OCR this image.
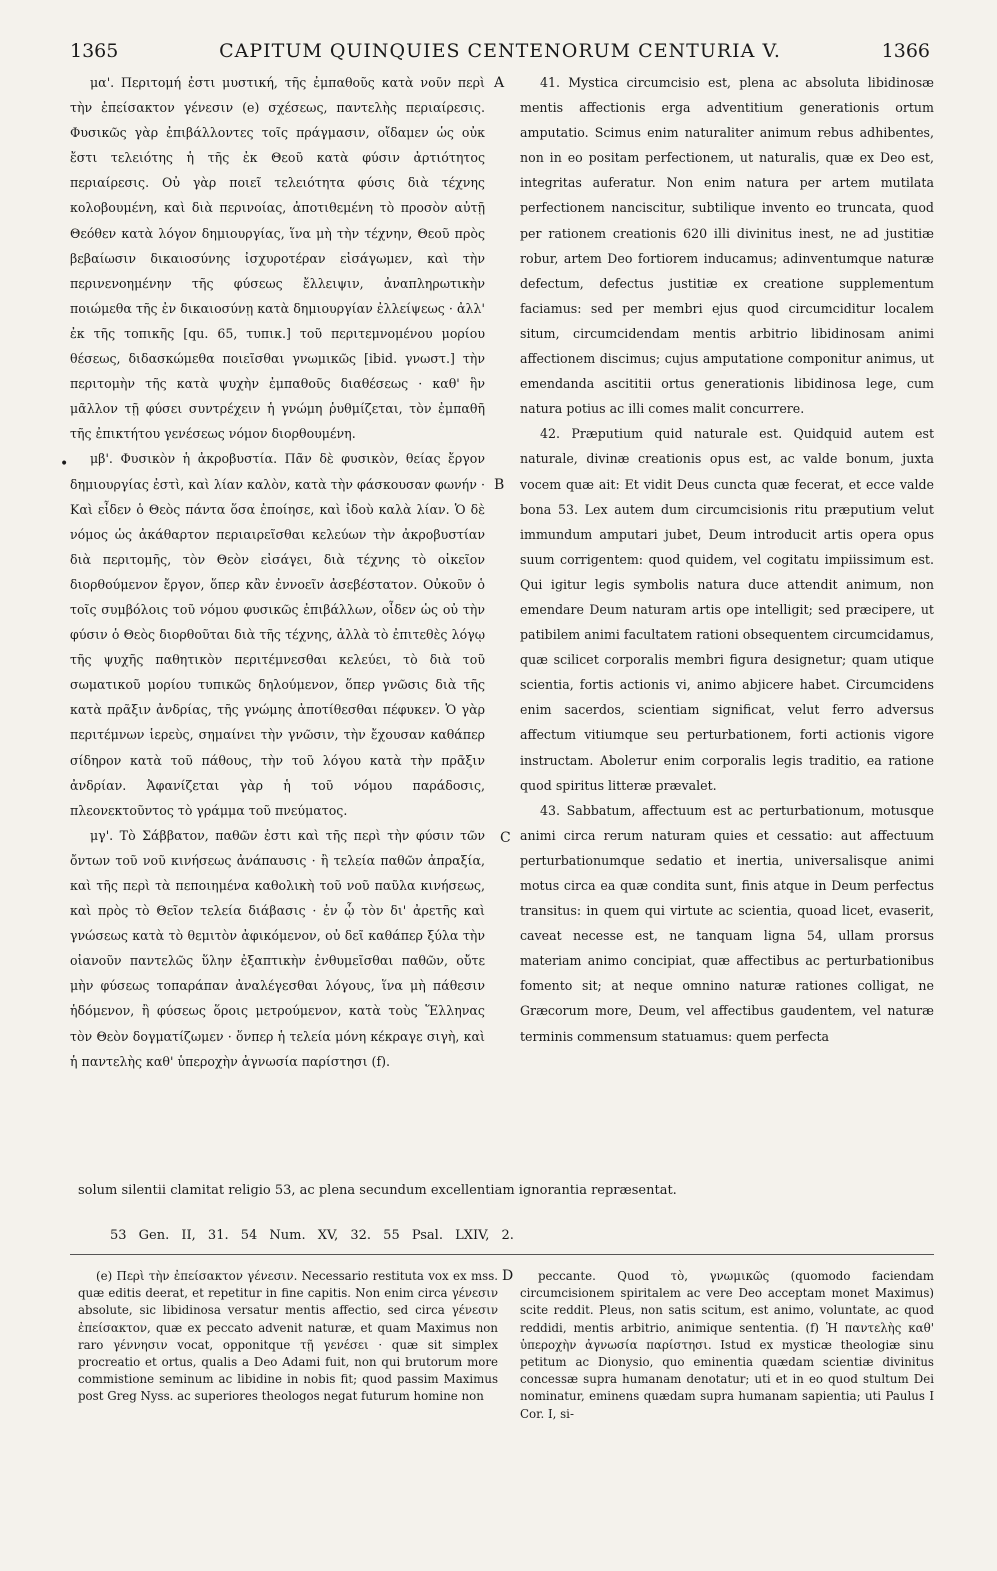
1365	CAPITUM QUINQUIES CENTENORUM CENTURIA V.	1366

μα'. Περιτομή ἐστι μυστική, τῆς ἐμπαθοῦς κατὰ νοῦν περὶ τὴν ἐπείσακτον γένεσιν (e) σχέσεως, παντελὴς περιαίρεσις. Φυσικῶς γὰρ ἐπιβάλλοντες τοῖς πράγμασιν, οἴδαμεν ὡς οὐκ ἔστι τελειότης ἡ τῆς ἐκ Θεοῦ κατὰ φύσιν ἀρτιότητος περιαίρεσις. Οὐ γὰρ ποιεῖ τελειότητα φύσις διὰ τέχνης κολοβουμένη, καὶ διὰ περινοίας, ἀποτιθεμένη τὸ προσὸν αὐτῇ Θεόθεν κατὰ λόγον δημιουργίας, ἵνα μὴ τὴν τέχνην, Θεοῦ πρὸς βεβαίωσιν δικαιοσύνης ἰσχυροτέραν εἰσάγωμεν, καὶ τὴν περινενοημένην τῆς φύσεως ἔλλειψιν, ἀναπληρωτικὴν ποιώμεθα τῆς ἐν δικαιοσύνῃ κατὰ δημιουργίαν ἐλλείψεως · ἀλλ' ἐκ τῆς τοπικῆς [qu. 65, τυπικ.] τοῦ περιτεμνομένου μορίου θέσεως, διδασκώμεθα ποιεῖσθαι γνωμικῶς [ibid. γνωστ.] τὴν περιτομὴν τῆς κατὰ ψυχὴν ἐμπαθοῦς διαθέσεως · καθ' ἣν μᾶλλον τῇ φύσει συντρέχειν ἡ γνώμη ῥυθμίζεται, τὸν ἐμπαθῆ τῆς ἐπικτήτου γενέσεως νόμον διορθουμένη.

μβ'. Φυσικὸν ἡ ἀκροβυστία. Πᾶν δὲ φυσικὸν, θείας ἔργον δημιουργίας ἐστὶ, καὶ λίαν καλὸν, κατὰ τὴν φάσκουσαν φωνήν · Καὶ εἶδεν ὁ Θεὸς πάντα ὅσα ἐποίησε, καὶ ἰδοὺ καλὰ λίαν. Ὁ δὲ νόμος ὡς ἀκάθαρτον περιαιρεῖσθαι κελεύων τὴν ἀκροβυστίαν διὰ περιτομῆς, τὸν Θεὸν εἰσάγει, διὰ τέχνης τὸ οἰκεῖον διορθούμενον ἔργον, ὅπερ κἂν ἐννοεῖν ἀσεβέστατον. Οὐκοῦν ὁ τοῖς συμβόλοις τοῦ νόμου φυσικῶς ἐπιβάλλων, οἶδεν ὡς οὐ τὴν φύσιν ὁ Θεὸς διορθοῦται διὰ τῆς τέχνης, ἀλλὰ τὸ ἐπιτεθὲς λόγῳ τῆς ψυχῆς παθητικὸν περιτέμνεσθαι κελεύει, τὸ διὰ τοῦ σωματικοῦ μορίου τυπικῶς δηλούμενον, ὅπερ γνῶσις διὰ τῆς κατὰ πρᾶξιν ἀνδρίας, τῆς γνώμης ἀποτίθεσθαι πέφυκεν. Ὁ γὰρ περιτέμνων ἱερεὺς, σημαίνει τὴν γνῶσιν, τὴν ἔχουσαν καθάπερ σίδηρον κατὰ τοῦ πάθους, τὴν τοῦ λόγου κατὰ τὴν πρᾶξιν ἀνδρίαν. Ἀφανίζεται γὰρ ἡ τοῦ νόμου παράδοσις, πλεονεκτοῦντος τὸ γράμμα τοῦ πνεύματος.

μγ'. Τὸ Σάββατον, παθῶν ἐστι καὶ τῆς περὶ τὴν φύσιν τῶν ὄντων τοῦ νοῦ κινήσεως ἀνάπαυσις · ἢ τελεία παθῶν ἀπραξία, καὶ τῆς περὶ τὰ πεποιημένα καθολικὴ τοῦ νοῦ παῦλα κινήσεως, καὶ πρὸς τὸ Θεῖον τελεία διάβασις · ἐν ᾧ τὸν δι' ἀρετῆς καὶ γνώσεως κατὰ τὸ θεμιτὸν ἀφικόμενον, οὐ δεῖ καθάπερ ξύλα τὴν οἰανοῦν παντελῶς ὕλην ἐξαπτικὴν ἐνθυμεῖσθαι παθῶν, οὔτε μὴν φύσεως τοπαράπαν ἀναλέγεσθαι λόγους, ἵνα μὴ πάθεσιν ἡδόμενον, ἢ φύσεως ὅροις μετρούμενον, κατὰ τοὺς Ἕλληνας τὸν Θεὸν δογματίζωμεν · ὅνπερ ἡ τελεία μόνη κέκραγε σιγὴ, καὶ ἡ παντελὴς καθ' ὑπεροχὴν ἀγνωσία παρίστησι (f).

•
A
B
C
D

41. Mystica circumcisio est, plena ac absoluta libidinosæ mentis affectionis erga adventitium generationis ortum amputatio. Scimus enim naturaliter animum rebus adhibentes, non in eo positam perfectionem, ut naturalis, quæ ex Deo est, integritas auferatur. Non enim natura per artem mutilata perfectionem nanciscitur, subtilique invento eo truncata, quod per rationem creationis 620 illi divinitus inest, ne ad justitiæ robur, artem Deo fortiorem inducamus; adinventumque naturæ defectum, defectus justitiæ ex creatione supplementum faciamus: sed per membri ejus quod circumciditur localem situm, circumcidendam mentis arbitrio libidinosam animi affectionem discimus; cujus amputatione componitur animus, ut emendanda ascititii ortus generationis libidinosa lege, cum natura potius ac illi comes malit concurrere.

42. Præputium quid naturale est. Quidquid autem est naturale, divinæ creationis opus est, ac valde bonum, juxta vocem quæ ait: Et vidit Deus cuncta quæ fecerat, et ecce valde bona 53. Lex autem dum circumcisionis ritu præputium velut immundum amputari jubet, Deum introducit artis opera opus suum corrigentem: quod quidem, vel cogitatu impiissimum est. Qui igitur legis symbolis natura duce attendit animum, non emendare Deum naturam artis ope intelligit; sed præcipere, ut patibilem animi facultatem rationi obsequentem circumcidamus, quæ scilicet corporalis membri figura designetur; quam utique scientia, fortis actionis vi, animo abjicere habet. Circumcidens enim sacerdos, scientiam significat, velut ferro adversus affectum vitiumque seu perturbationem, forti actionis vigore instructam. Abolетur enim corporalis legis traditio, ea ratione quod spiritus litteræ prævalet.

43. Sabbatum, affectuum est ac perturbationum, motusque animi circa rerum naturam quies et cessatio: aut affectuum perturbationumque sedatio et inertia, universalisque animi motus circa ea quæ condita sunt, finis atque in Deum perfectus transitus: in quem qui virtute ac scientia, quoad licet, evaserit, caveat necesse est, ne tanquam ligna 54, ullam prorsus materiam animo concipiat, quæ affectibus ac perturbationibus fomento sit; at neque omnino naturæ rationes colligat, ne Græcorum more, Deum, vel affectibus gaudentem, vel naturæ terminis commensum statuamus: quem perfecta

solum silentii clamitat religio 53, ac plena secundum excellentiam ignorantia repræsentat.
53 Gen. II, 31. 54 Num. XV, 32. 55 Psal. LXIV, 2.

(e) Περὶ τὴν ἐπείσακτον γένεσιν. Necessario restituta vox ex mss. quæ editis deerat, et repetitur in fine capitis. Non enim circa γένεσιν absolute, sic libidinosa versatur mentis affectio, sed circa γένεσιν ἐπείσακτον, quæ ex peccato advenit naturæ, et quam Maximus non raro γέννησιν vocat, opponitque τῇ γενέσει · quæ sit simplex procreatio et ortus, qualis a Deo Adami fuit, non qui brutorum more commistione seminum ac libidine in nobis fit; quod passim Maximus post Greg Nyss. ac superiores theologos negat futurum homine non

peccante. Quod τὸ, γνωμικῶς (quomodo faciendam circumcisionem spiritalem ac vere Deo acceptam monet Maximus) scite reddit. Pleus, non satis scitum, est animo, voluntate, ac quod reddidi, mentis arbitrio, animique sententia. (f) Ἡ παντελὴς καθ' ὑπεροχὴν ἀγνωσία παρίστησι. Istud ex mysticæ theologiæ sinu petitum ac Dionysio, quo eminentia quædam scientiæ divinitus concessæ supra humanam denotatur; uti et in eo quod stultum Dei nominatur, eminens quædam supra humanam sapientia; uti Paulus I Cor. I, si-
